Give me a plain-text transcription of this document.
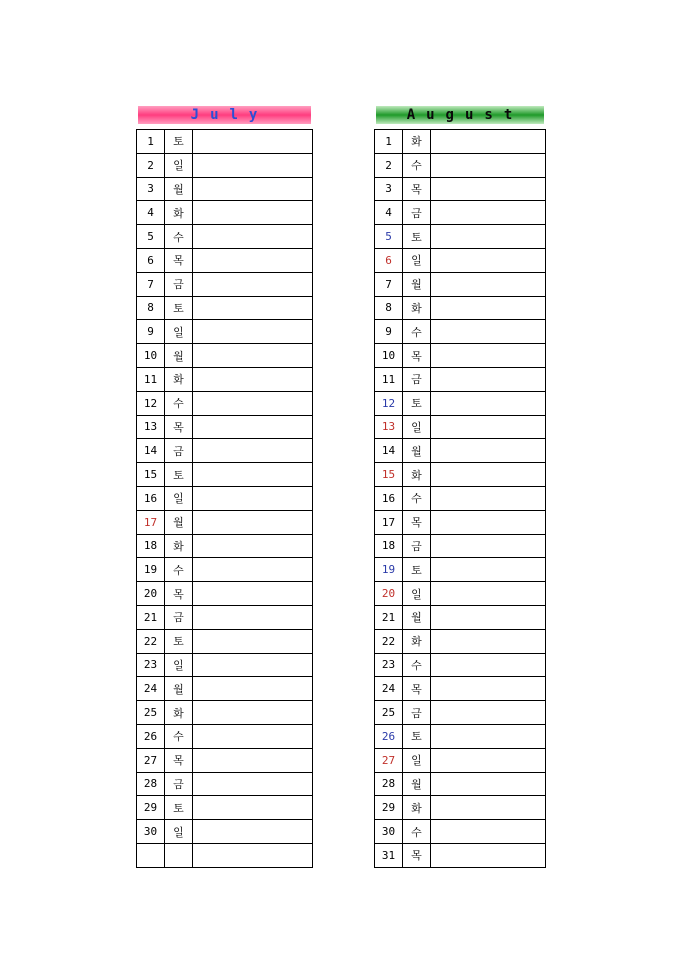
July
1	토	
2	일	
3	월	
4	화	
5	수	
6	목	
7	금	
8	토	
9	일	
10	월	
11	화	
12	수	
13	목	
14	금	
15	토	
16	일	
17	월	
18	화	
19	수	
20	목	
21	금	
22	토	
23	일	
24	월	
25	화	
26	수	
27	목	
28	금	
29	토	
30	일	

August
1	화	
2	수	
3	목	
4	금	
5	토	
6	일	
7	월	
8	화	
9	수	
10	목	
11	금	
12	토	
13	일	
14	월	
15	화	
16	수	
17	목	
18	금	
19	토	
20	일	
21	월	
22	화	
23	수	
24	목	
25	금	
26	토	
27	일	
28	월	
29	화	
30	수	
31	목	
